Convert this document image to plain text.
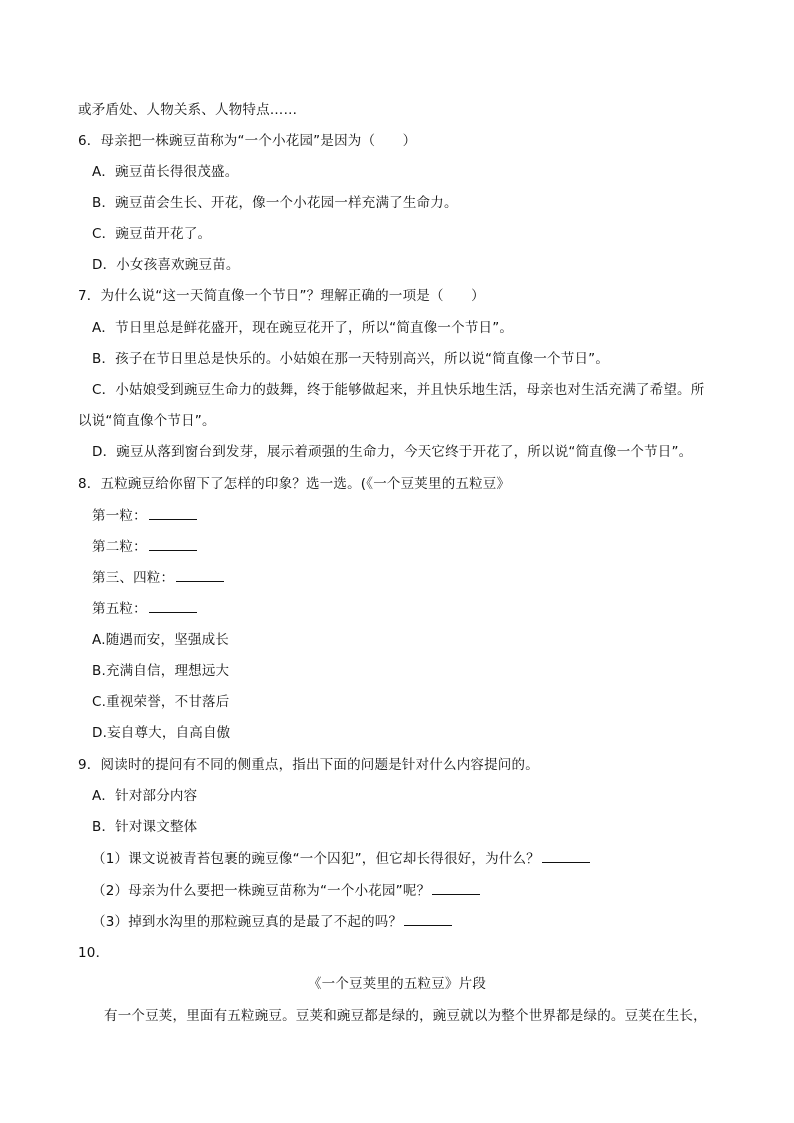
或矛盾处、人物关系、人物特点……
6．母亲把一株豌豆苗称为“一个小花园”是因为（　　）
A．豌豆苗长得很茂盛。
B．豌豆苗会生长、开花，像一个小花园一样充满了生命力。
C．豌豆苗开花了。
D．小女孩喜欢豌豆苗。
7．为什么说“这一天简直像一个节日”？理解正确的一项是（　　）
A．节日里总是鲜花盛开，现在豌豆花开了，所以“简直像一个节日”。
B．孩子在节日里总是快乐的。小姑娘在那一天特别高兴，所以说“简直像一个节日”。
C．小姑娘受到豌豆生命力的鼓舞，终于能够做起来，并且快乐地生活，母亲也对生活充满了希望。所
以说“简直像个节日”。
D．豌豆从落到窗台到发芽，展示着顽强的生命力，今天它终于开花了，所以说“简直像一个节日”。
8．五粒豌豆给你留下了怎样的印象？选一选。(《一个豆荚里的五粒豆》
第一粒：
第二粒：
第三、四粒：
第五粒：
A.随遇而安，坚强成长
B.充满自信，理想远大
C.重视荣誉，不甘落后
D.妄自尊大，自高自傲
9．阅读时的提问有不同的侧重点，指出下面的问题是针对什么内容提问的。
A．针对部分内容
B．针对课文整体
（1）课文说被青苔包裹的豌豆像“一个囚犯”，但它却长得很好，为什么？
（2）母亲为什么要把一株豌豆苗称为“一个小花园”呢？
（3）掉到水沟里的那粒豌豆真的是最了不起的吗？
10．
《一个豆荚里的五粒豆》片段
有一个豆荚，里面有五粒豌豆。豆荚和豌豆都是绿的，豌豆就以为整个世界都是绿的。豆荚在生长，
